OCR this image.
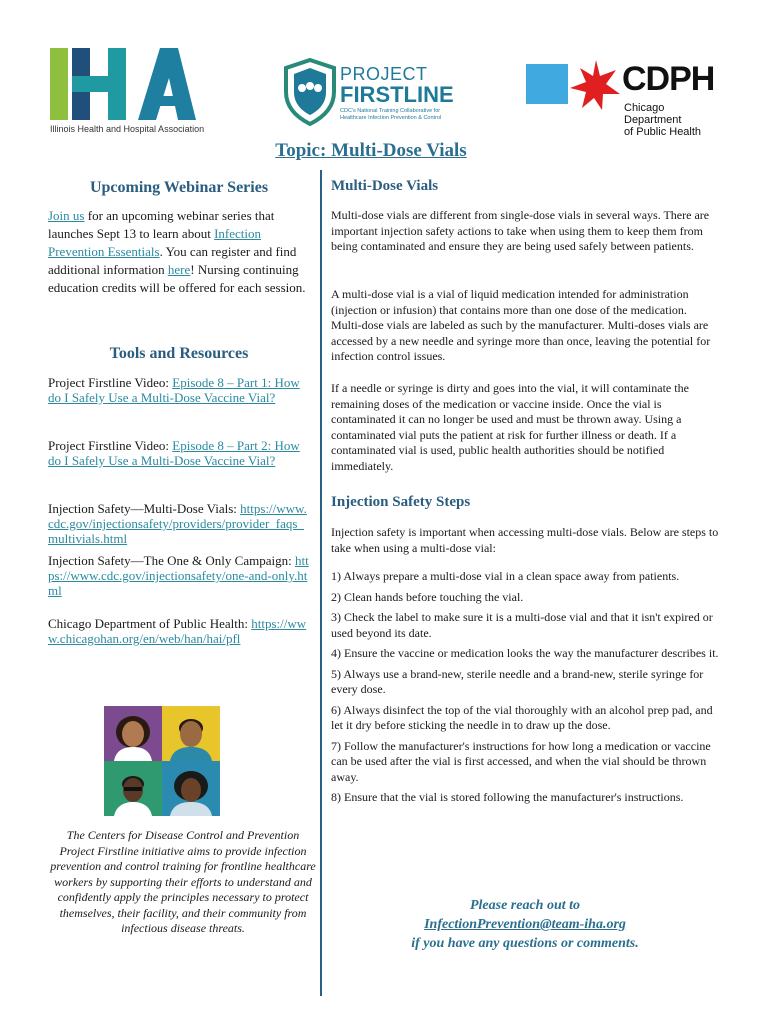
Illinois Health and Hospital Association
PROJECT
FIRSTLINE
CDC's National Training Collaborative for Healthcare Infection Prevention & Control
CDPH
Chicago Department
of Public Health
Topic: Multi-Dose Vials
Upcoming Webinar Series
Join us for an upcoming webinar series that launches Sept 13 to learn about Infection Prevention Essentials. You can register and find additional information here! Nursing continuing education credits will be offered for each session.
Tools and Resources
Project Firstline Video: Episode 8 – Part 1: How do I Safely Use a Multi-Dose Vaccine Vial?
Project Firstline Video: Episode 8 – Part 2: How do I Safely Use a Multi-Dose Vaccine Vial?
Injection Safety—Multi-Dose Vials: https://www.cdc.gov/injectionsafety/providers/provider_faqs_multivials.html
Injection Safety—The One & Only Campaign: https://www.cdc.gov/injectionsafety/one-and-only.html
Chicago Department of Public Health: https://www.chicagohan.org/en/web/han/hai/pfl
The Centers for Disease Control and Prevention Project Firstline initiative aims to provide infection prevention and control training for frontline healthcare workers by supporting their efforts to understand and confidently apply the principles necessary to protect themselves, their facility, and their community from infectious disease threats.
Multi-Dose Vials
Multi-dose vials are different from single-dose vials in several ways. There are important injection safety actions to take when using them to keep them from being contaminated and ensure they are being used safely between patients.
A multi-dose vial is a vial of liquid medication intended for administration (injection or infusion) that contains more than one dose of the medication. Multi-dose vials are labeled as such by the manufacturer. Multi-doses vials are accessed by a new needle and syringe more than once, leaving the potential for infection control issues.
If a needle or syringe is dirty and goes into the vial, it will contaminate the remaining doses of the medication or vaccine inside. Once the vial is contaminated it can no longer be used and must be thrown away. Using a contaminated vial puts the patient at risk for further illness or death. If a contaminated vial is used, public health authorities should be notified immediately.
Injection Safety Steps
Injection safety is important when accessing multi-dose vials. Below are steps to take when using a multi-dose vial:
1) Always prepare a multi-dose vial in a clean space away from patients.
2) Clean hands before touching the vial.
3) Check the label to make sure it is a multi-dose vial and that it isn't expired or used beyond its date.
4) Ensure the vaccine or medication looks the way the manufacturer describes it.
5) Always use a brand-new, sterile needle and a brand-new, sterile syringe for every dose.
6) Always disinfect the top of the vial thoroughly with an alcohol prep pad, and let it dry before sticking the needle in to draw up the dose.
7) Follow the manufacturer's instructions for how long a medication or vaccine can be used after the vial is first accessed, and when the vial should be thrown away.
8) Ensure that the vial is stored following the manufacturer's instructions.
Please reach out to
InfectionPrevention@team-iha.org
if you have any questions or comments.
